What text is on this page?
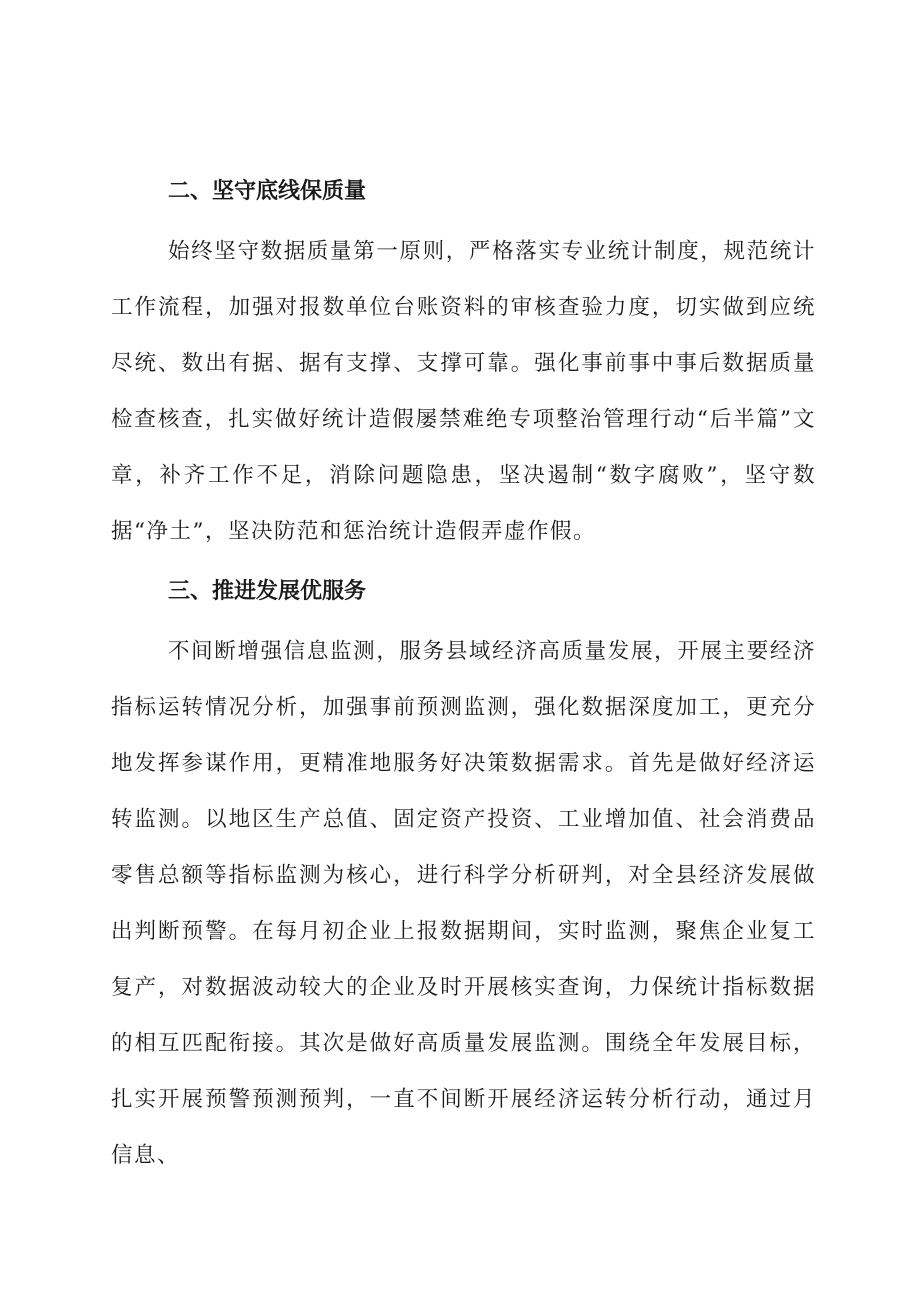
二、坚守底线保质量

始终坚守数据质量第一原则，严格落实专业统计制度，规范统计工作流程，加强对报数单位台账资料的审核查验力度，切实做到应统尽统、数出有据、据有支撑、支撑可靠。强化事前事中事后数据质量检查核查，扎实做好统计造假屡禁难绝专项整治管理行动“后半篇”文章，补齐工作不足，消除问题隐患，坚决遏制“数字腐败”，坚守数据“净土”，坚决防范和惩治统计造假弄虚作假。

三、推进发展优服务

不间断增强信息监测，服务县域经济高质量发展，开展主要经济指标运转情况分析，加强事前预测监测，强化数据深度加工，更充分地发挥参谋作用，更精准地服务好决策数据需求。首先是做好经济运转监测。以地区生产总值、固定资产投资、工业增加值、社会消费品零售总额等指标监测为核心，进行科学分析研判，对全县经济发展做出判断预警。在每月初企业上报数据期间，实时监测，聚焦企业复工复产，对数据波动较大的企业及时开展核实查询，力保统计指标数据的相互匹配衔接。其次是做好高质量发展监测。围绕全年发展目标，扎实开展预警预测预判，一直不间断开展经济运转分析行动，通过月信息、
